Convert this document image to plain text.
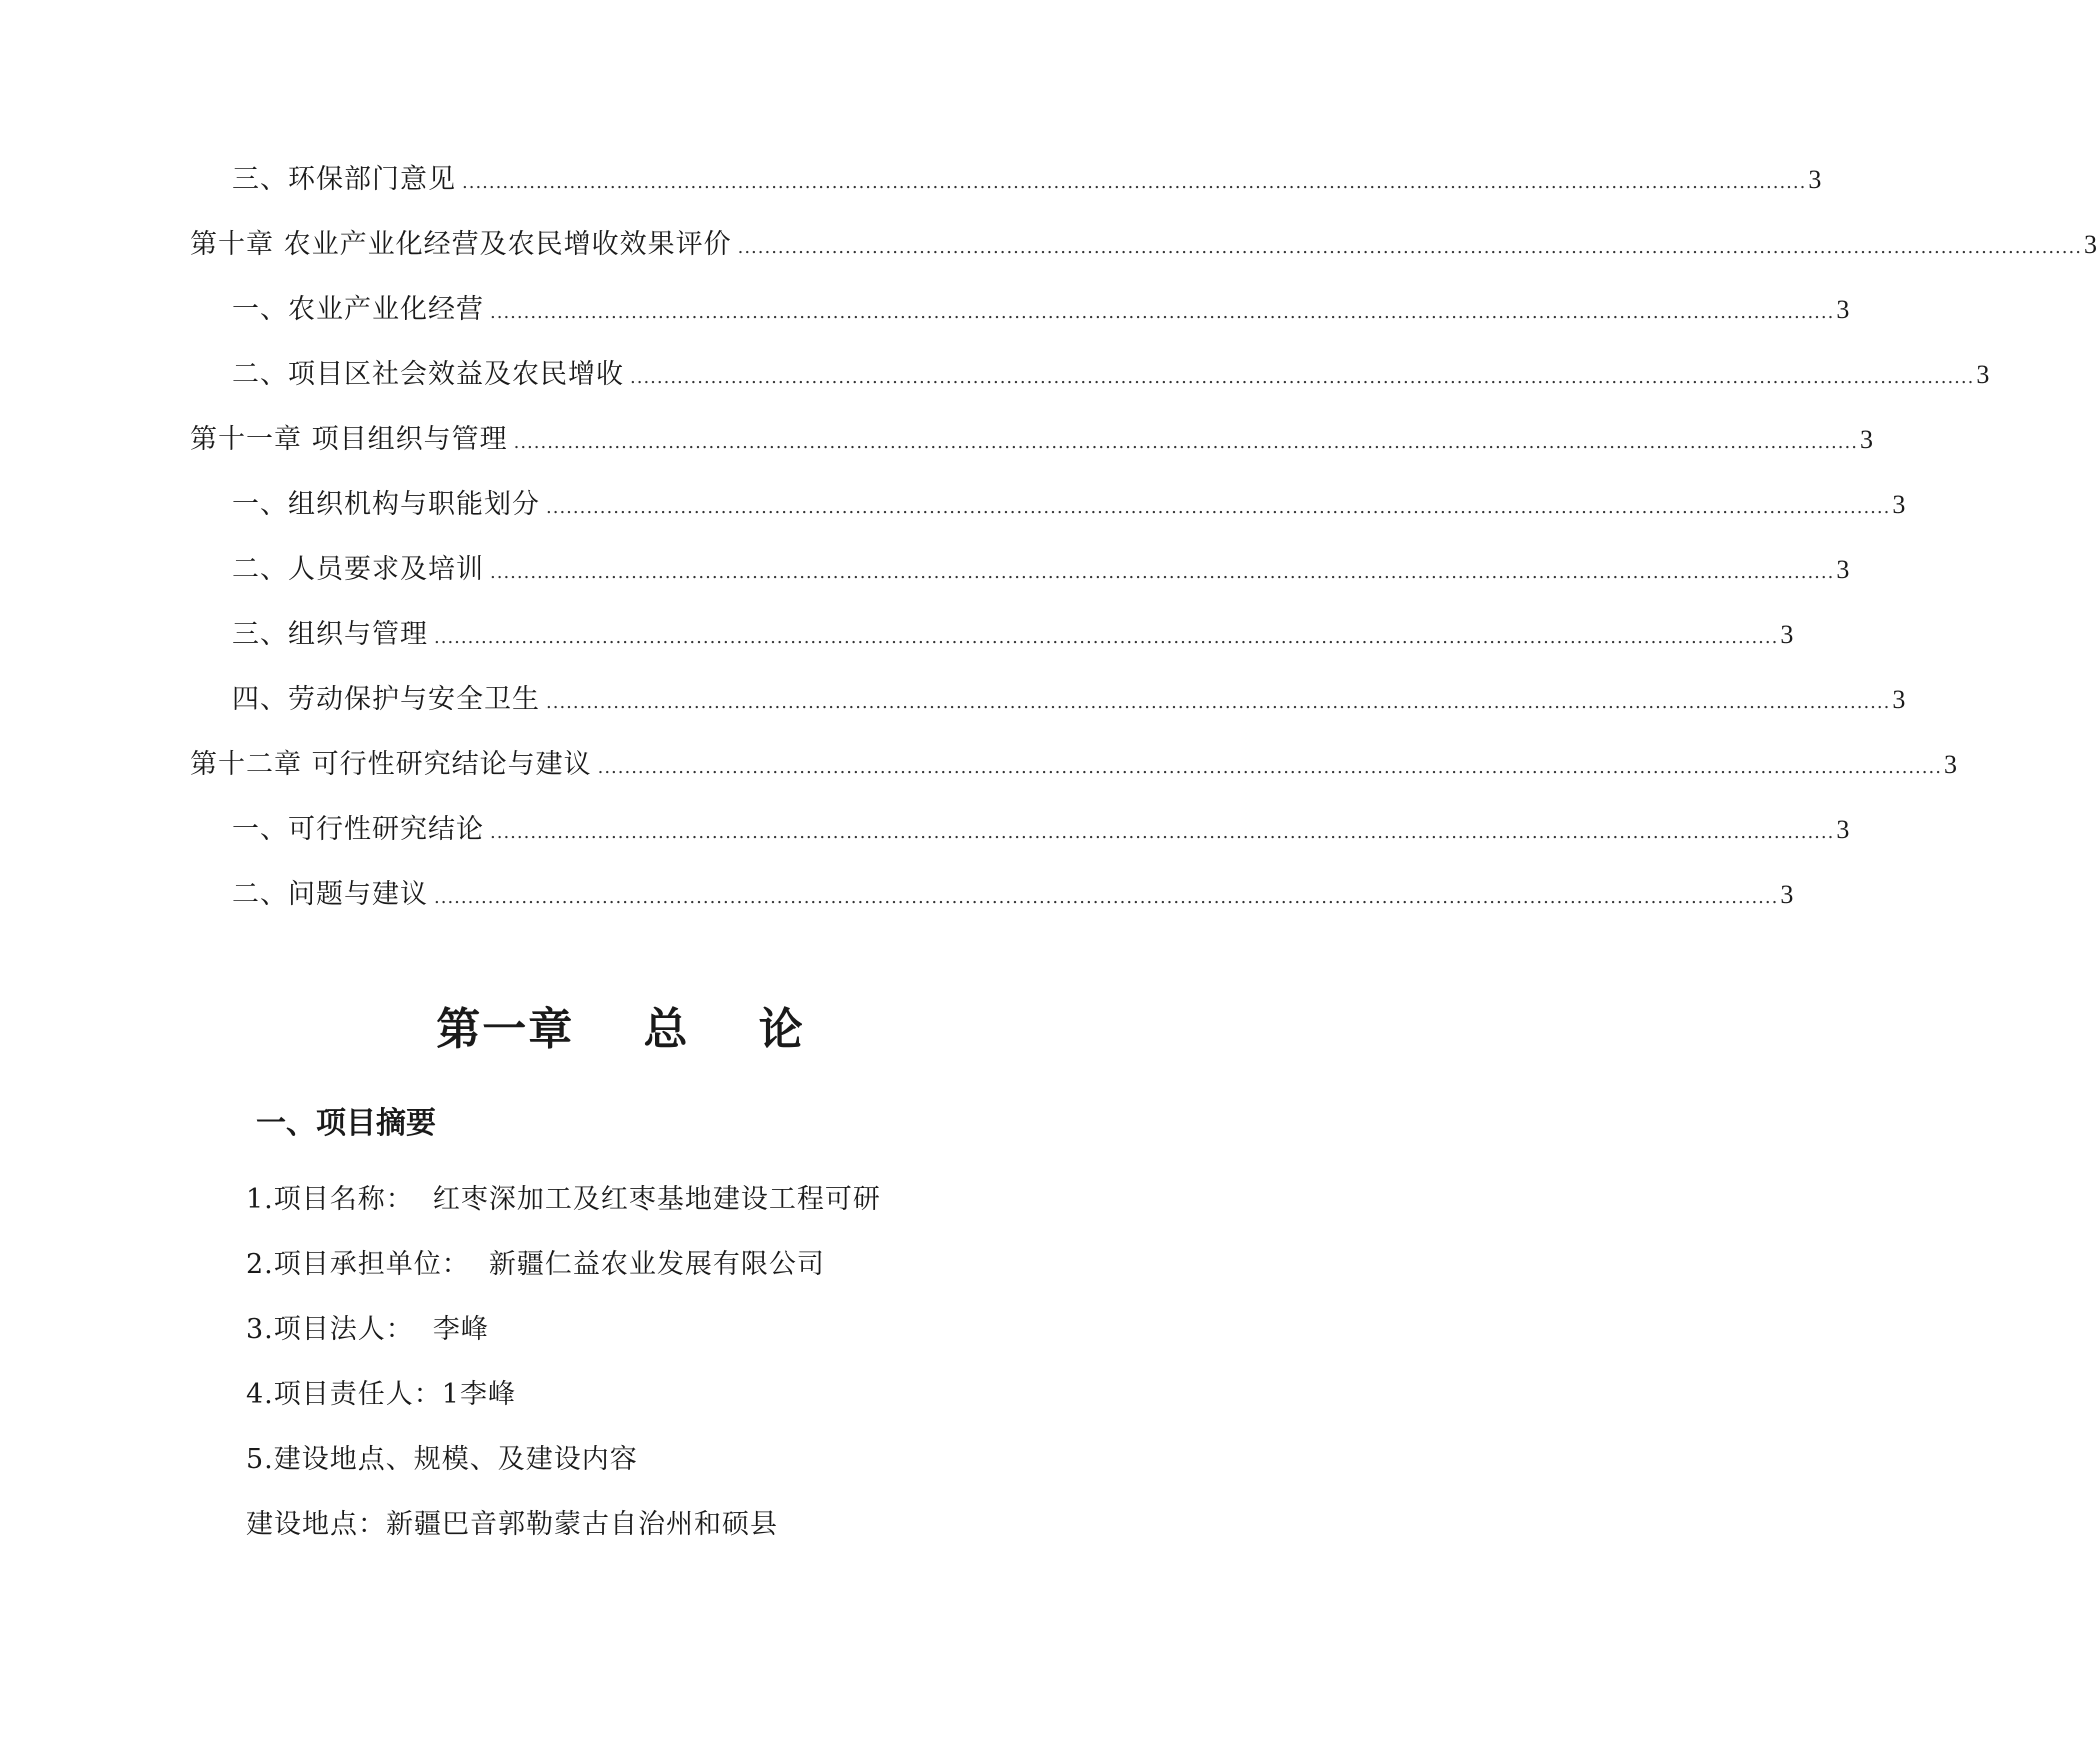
三、环保部门意见 ........................................................................................................................................................................................................ 3
第十章 农业产业化经营及农民增收效果评价 ........................................................................................................................................................................................................ 3
一、农业产业化经营 ........................................................................................................................................................................................................ 3
二、项目区社会效益及农民增收 ........................................................................................................................................................................................................ 3
第十一章 项目组织与管理 ........................................................................................................................................................................................................ 3
一、组织机构与职能划分 ........................................................................................................................................................................................................ 3
二、人员要求及培训 ........................................................................................................................................................................................................ 3
三、组织与管理 ........................................................................................................................................................................................................ 3
四、劳动保护与安全卫生 ........................................................................................................................................................................................................ 3
第十二章 可行性研究结论与建议 ........................................................................................................................................................................................................ 3
一、可行性研究结论 ........................................................................................................................................................................................................ 3
二、问题与建议 ........................................................................................................................................................................................................ 3
第一章    总    论
一、项目摘要
1.项目名称：  红枣深加工及红枣基地建设工程可研
2.项目承担单位：  新疆仁益农业发展有限公司
3.项目法人：  李峰
4.项目责任人：1李峰
5.建设地点、规模、及建设内容
建设地点：新疆巴音郭勒蒙古自治州和硕县
